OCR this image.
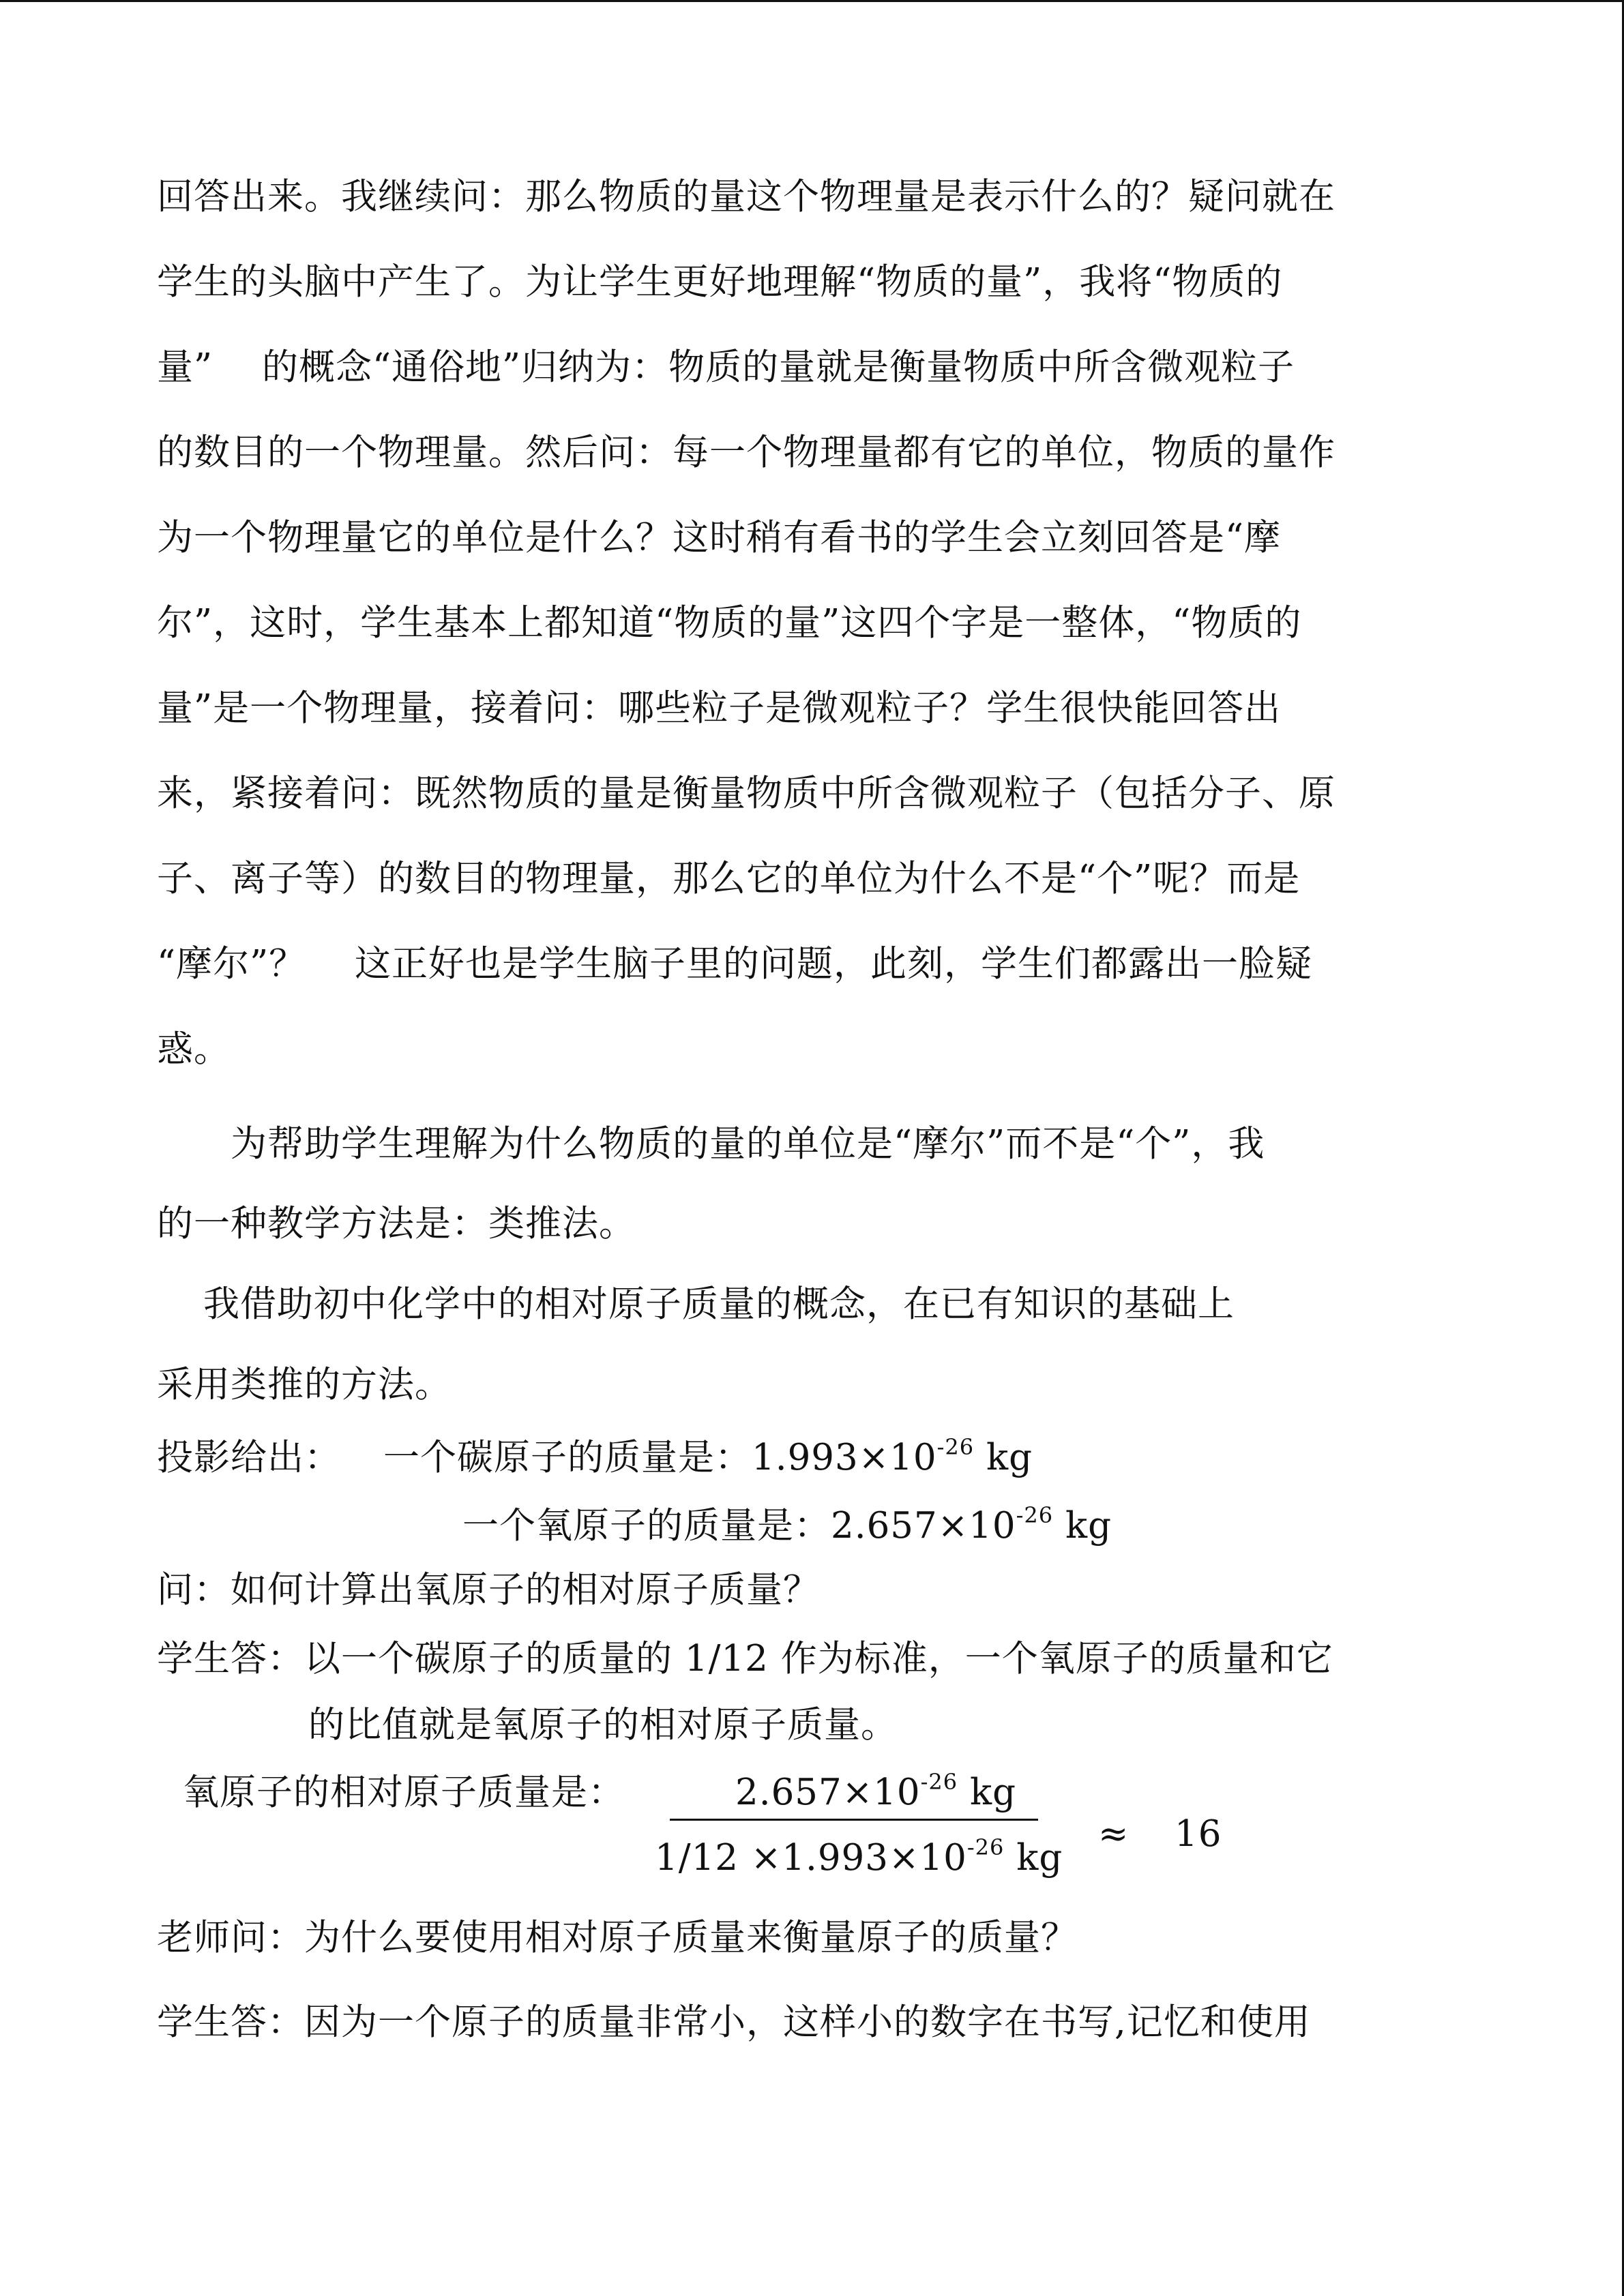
回答出来。我继续问：那么物质的量这个物理量是表示什么的？疑问就在
学生的头脑中产生了。为让学生更好地理解“物质的量”，我将“物质的
量”　 的概念“通俗地”归纳为：物质的量就是衡量物质中所含微观粒子
的数目的一个物理量。然后问：每一个物理量都有它的单位，物质的量作
为一个物理量它的单位是什么？这时稍有看书的学生会立刻回答是“摩
尔”，这时，学生基本上都知道“物质的量”这四个字是一整体，“物质的
量”是一个物理量，接着问：哪些粒子是微观粒子？学生很快能回答出
来，紧接着问：既然物质的量是衡量物质中所含微观粒子（包括分子、原
子、离子等）的数目的物理量，那么它的单位为什么不是“个”呢？而是
“摩尔”？　 这正好也是学生脑子里的问题，此刻，学生们都露出一脸疑
惑。
为帮助学生理解为什么物质的量的单位是“摩尔”而不是“个”，我
的一种教学方法是：类推法。
我借助初中化学中的相对原子质量的概念，在已有知识的基础上
采用类推的方法。
投影给出： 一个碳原子的质量是：$1.993\times 10^{-26}$ kg
一个氧原子的质量是：$2.657\times 10^{-26}$ kg
问：如何计算出氧原子的相对原子质量？
学生答：以一个碳原子的质量的 1/12 作为标准，一个氧原子的质量和它
的比值就是氧原子的相对原子质量。
氧原子的相对原子质量是：	$2.657\times 10^{-26}$ kg
$1/12 \times 1.993\times 10^{-26}$ kg
≈ 16
老师问：为什么要使用相对原子质量来衡量原子的质量？
学生答：因为一个原子的质量非常小，这样小的数字在书写,记忆和使用
